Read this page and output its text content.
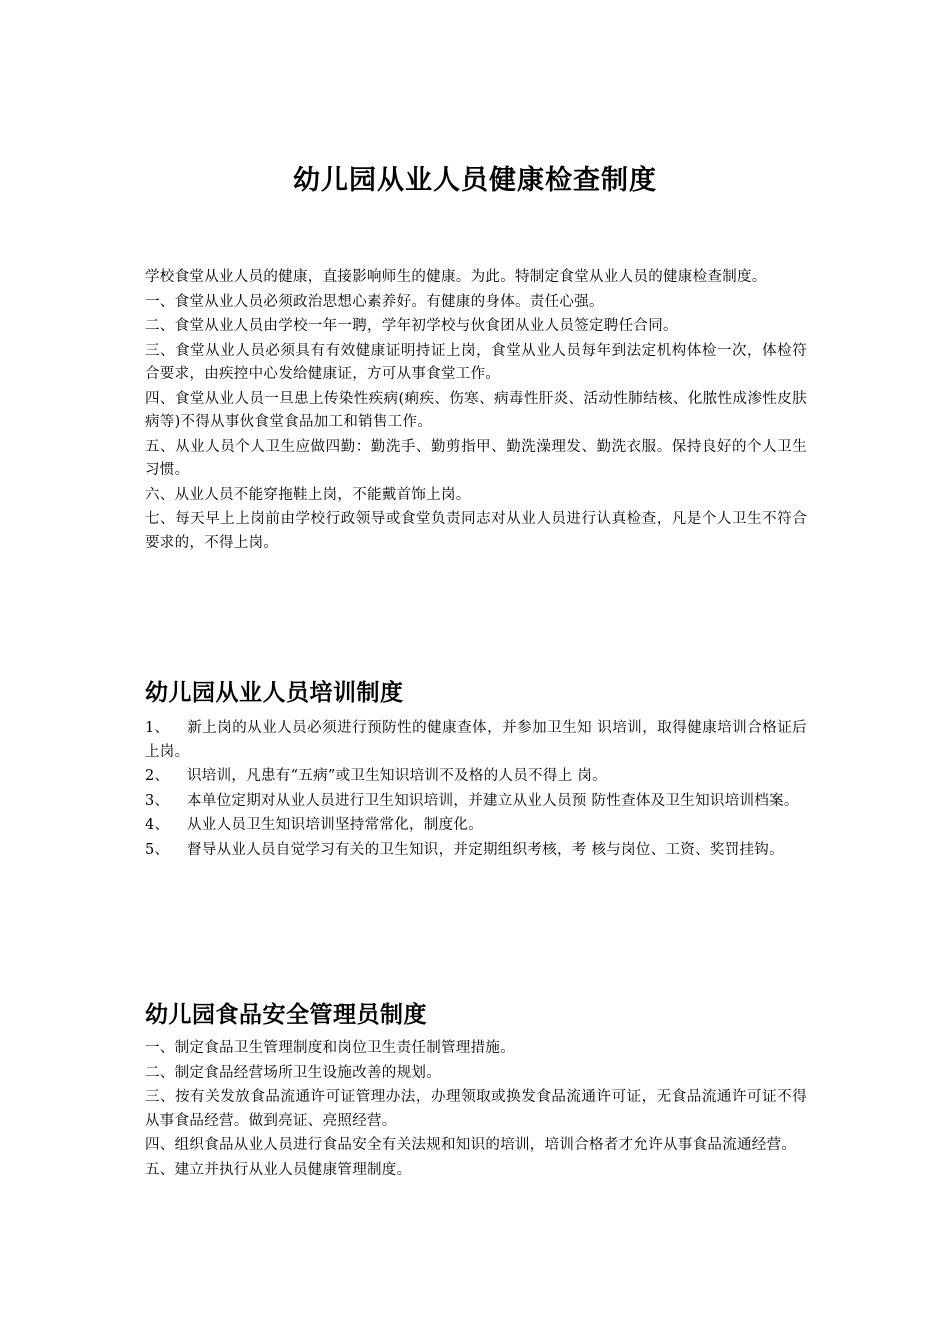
幼儿园从业人员健康检查制度

学校食堂从业人员的健康，直接影响师生的健康。为此。特制定食堂从业人员的健康检查制度。

一、食堂从业人员必须政治思想心素养好。有健康的身体。责任心强。

二、食堂从业人员由学校一年一聘，学年初学校与伙食团从业人员签定聘任合同。

三、食堂从业人员必须具有有效健康证明持证上岗，食堂从业人员每年到法定机构体检一次，体检符合要求，由疾控中心发给健康证，方可从事食堂工作。

四、食堂从业人员一旦患上传染性疾病(痢疾、伤寒、病毒性肝炎、活动性肺结核、化脓性成渗性皮肤病等)不得从事伙食堂食品加工和销售工作。

五、从业人员个人卫生应做四勤：勤洗手、勤剪指甲、勤洗澡理发、勤洗衣服。保持良好的个人卫生习惯。

六、从业人员不能穿拖鞋上岗，不能戴首饰上岗。

七、每天早上上岗前由学校行政领导或食堂负责同志对从业人员进行认真检查，凡是个人卫生不符合要求的，不得上岗。

幼儿园从业人员培训制度

1、 新上岗的从业人员必须进行预防性的健康查体，并参加卫生知 识培训，取得健康培训合格证后上岗。

2、 识培训，凡患有“五病”或卫生知识培训不及格的人员不得上 岗。

3、 本单位定期对从业人员进行卫生知识培训，并建立从业人员预 防性查体及卫生知识培训档案。

4、 从业人员卫生知识培训坚持常常化，制度化。

5、 督导从业人员自觉学习有关的卫生知识，并定期组织考核，考 核与岗位、工资、奖罚挂钩。

幼儿园食品安全管理员制度

一、制定食品卫生管理制度和岗位卫生责任制管理措施。

二、制定食品经营场所卫生设施改善的规划。

三、按有关发放食品流通许可证管理办法，办理领取或换发食品流通许可证，无食品流通许可证不得从事食品经营。做到亮证、亮照经营。

四、组织食品从业人员进行食品安全有关法规和知识的培训，培训合格者才允许从事食品流通经营。

五、建立并执行从业人员健康管理制度。
